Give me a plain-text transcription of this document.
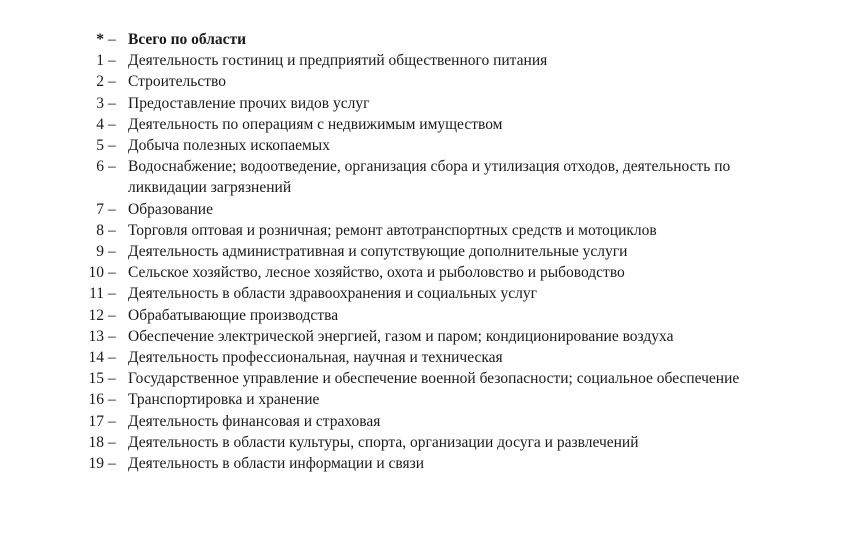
* – Всего по области
1 – Деятельность гостиниц и предприятий общественного питания
2 – Строительство
3 – Предоставление прочих видов услуг
4 – Деятельность по операциям с недвижимым имуществом
5 – Добыча полезных ископаемых
6 – Водоснабжение; водоотведение, организация сбора и утилизация отходов, деятельность по ликвидации загрязнений
7 – Образование
8 – Торговля оптовая и розничная; ремонт автотранспортных средств и мотоциклов
9 – Деятельность административная и сопутствующие дополнительные услуги
10 – Сельское хозяйство, лесное хозяйство, охота и рыболовство и рыбоводство
11 – Деятельность в области здравоохранения и социальных услуг
12 – Обрабатывающие производства
13 – Обеспечение электрической энергией, газом и паром; кондиционирование воздуха
14 – Деятельность профессиональная, научная и техническая
15 – Государственное управление и обеспечение военной безопасности; социальное обеспечение
16 – Транспортировка и хранение
17 – Деятельность финансовая и страховая
18 – Деятельность в области культуры, спорта, организации досуга и развлечений
19 – Деятельность в области информации и связи
